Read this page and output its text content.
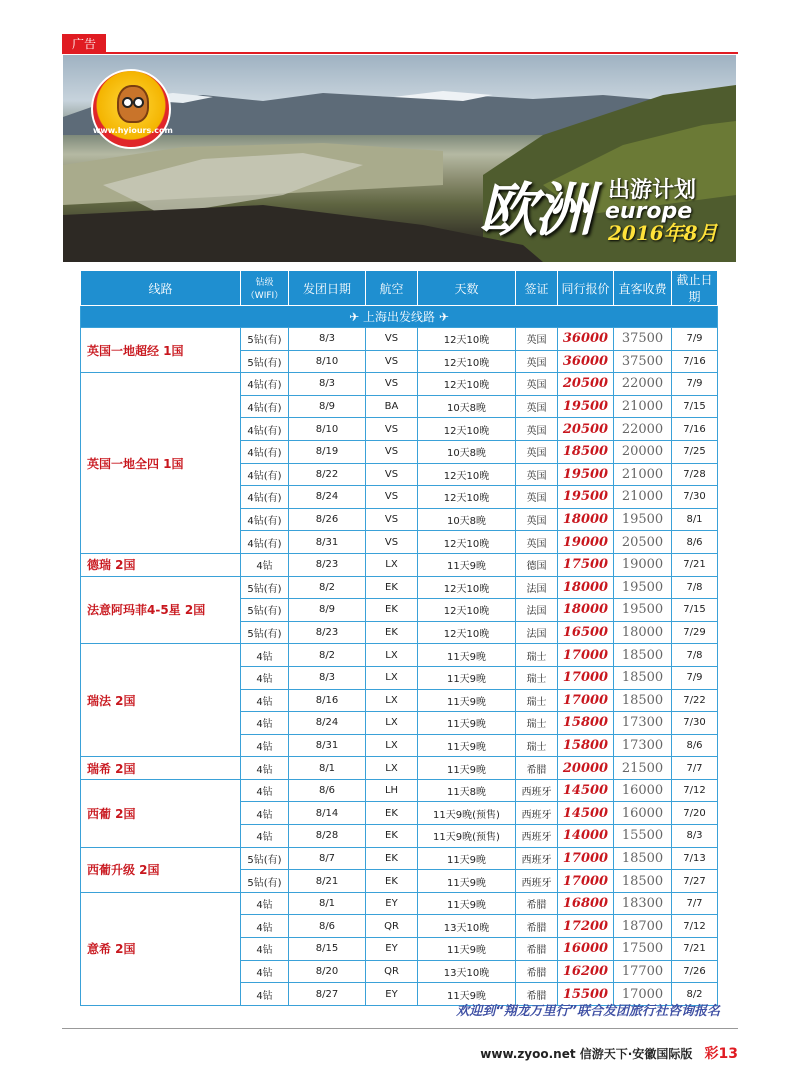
广告
www.hyiours.com
欧洲 出游计划
europe
2016年8月
线路	钻级（WIFI）	发团日期	航空	天数	签证	同行报价	直客收费	截止日期
✈ 上海出发线路 ✈								
英国一地超经 1国	5钻(有)	8/3	VS	12天10晚	英国	36000	37500	7/9
	5钻(有)	8/10	VS	12天10晚	英国	36000	37500	7/16
英国一地全四 1国	4钻(有)	8/3	VS	12天10晚	英国	20500	22000	7/9
	4钻(有)	8/9	BA	10天8晚	英国	19500	21000	7/15
	4钻(有)	8/10	VS	12天10晚	英国	20500	22000	7/16
	4钻(有)	8/19	VS	10天8晚	英国	18500	20000	7/25
	4钻(有)	8/22	VS	12天10晚	英国	19500	21000	7/28
	4钻(有)	8/24	VS	12天10晚	英国	19500	21000	7/30
	4钻(有)	8/26	VS	10天8晚	英国	18000	19500	8/1
	4钻(有)	8/31	VS	12天10晚	英国	19000	20500	8/6
德瑞 2国	4钻	8/23	LX	11天9晚	德国	17500	19000	7/21
法意阿玛菲4-5星 2国	5钻(有)	8/2	EK	12天10晚	法国	18000	19500	7/8
	5钻(有)	8/9	EK	12天10晚	法国	18000	19500	7/15
	5钻(有)	8/23	EK	12天10晚	法国	16500	18000	7/29
瑞法 2国	4钻	8/2	LX	11天9晚	瑞士	17000	18500	7/8
	4钻	8/3	LX	11天9晚	瑞士	17000	18500	7/9
	4钻	8/16	LX	11天9晚	瑞士	17000	18500	7/22
	4钻	8/24	LX	11天9晚	瑞士	15800	17300	7/30
	4钻	8/31	LX	11天9晚	瑞士	15800	17300	8/6
瑞希 2国	4钻	8/1	LX	11天9晚	希腊	20000	21500	7/7
西葡 2国	4钻	8/6	LH	11天8晚	西班牙	14500	16000	7/12
	4钻	8/14	EK	11天9晚(预售)	西班牙	14500	16000	7/20
	4钻	8/28	EK	11天9晚(预售)	西班牙	14000	15500	8/3
西葡升级 2国	5钻(有)	8/7	EK	11天9晚	西班牙	17000	18500	7/13
	5钻(有)	8/21	EK	11天9晚	西班牙	17000	18500	7/27
意希 2国	4钻	8/1	EY	11天9晚	希腊	16800	18300	7/7
	4钻	8/6	QR	13天10晚	希腊	17200	18700	7/12
	4钻	8/15	EY	11天9晚	希腊	16000	17500	7/21
	4钻	8/20	QR	13天10晚	希腊	16200	17700	7/26
	4钻	8/27	EY	11天9晚	希腊	15500	17000	8/2
欢迎到“翔龙万里行”联合发团旅行社咨询报名
www.zyoo.net 信游天下·安徽国际版 彩13
